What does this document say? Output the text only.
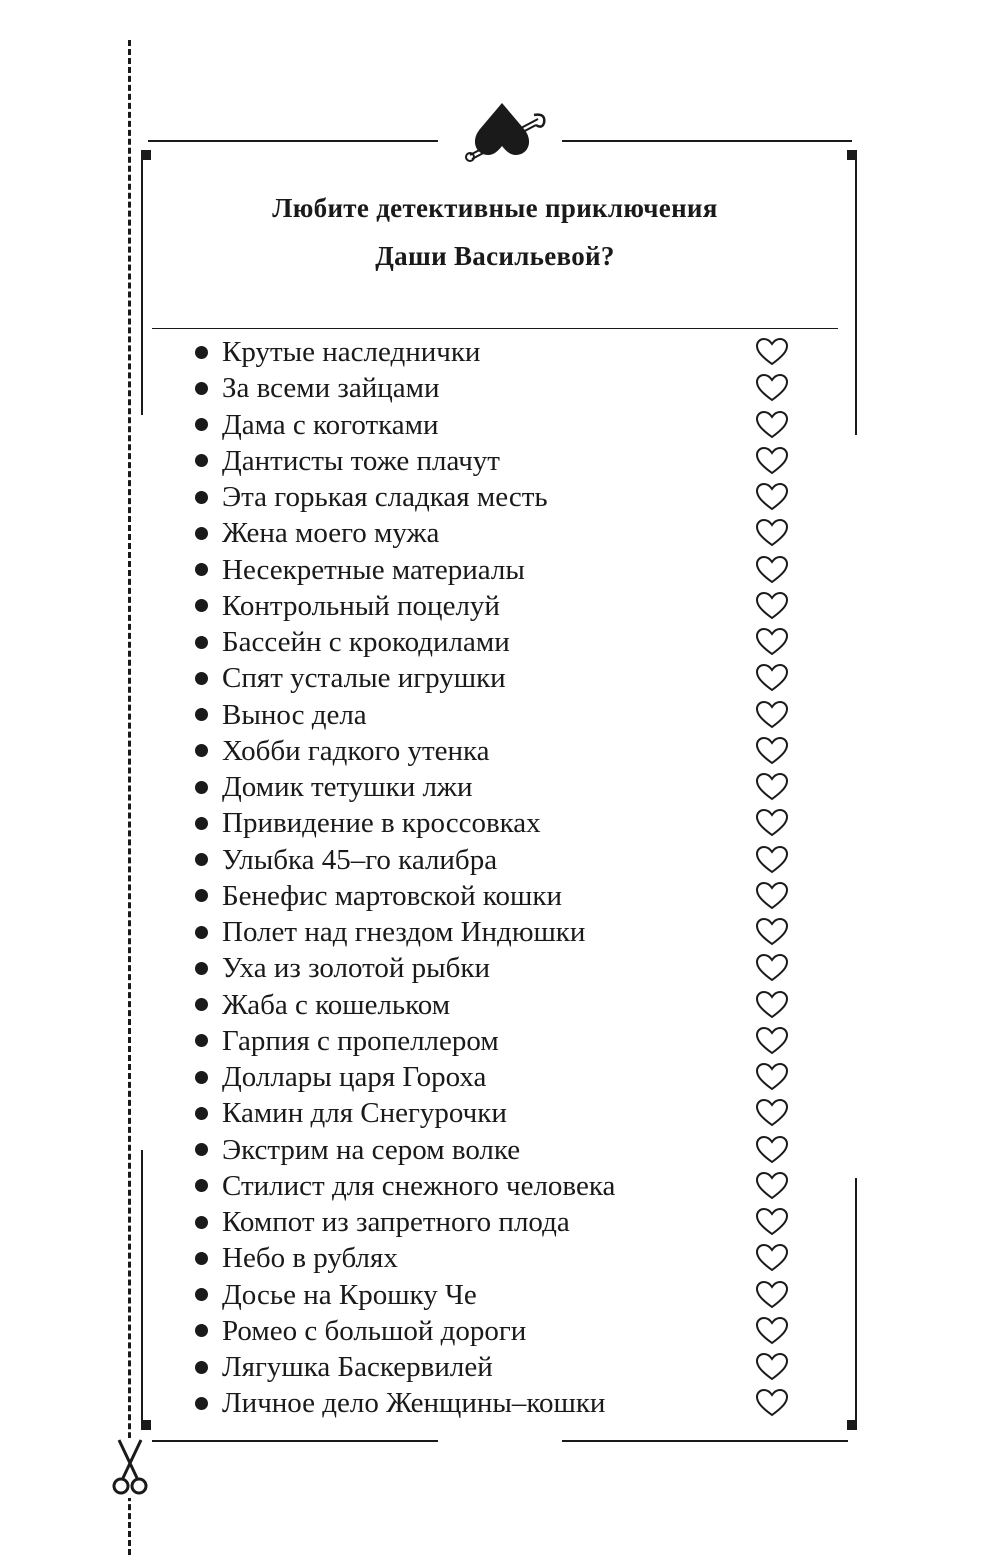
Любите детективные приключения
Даши Васильевой?
Крутые наследнички
За всеми зайцами
Дама с коготками
Дантисты тоже плачут
Эта горькая сладкая месть
Жена моего мужа
Несекретные материалы
Контрольный поцелуй
Бассейн с крокодилами
Спят усталые игрушки
Вынос дела
Хобби гадкого утенка
Домик тетушки лжи
Привидение в кроссовках
Улыбка 45–го калибра
Бенефис мартовской кошки
Полет над гнездом Индюшки
Уха из золотой рыбки
Жаба с кошельком
Гарпия с пропеллером
Доллары царя Гороха
Камин для Снегурочки
Экстрим на сером волке
Стилист для снежного человека
Компот из запретного плода
Небо в рублях
Досье на Крошку Че
Ромео с большой дороги
Лягушка Баскервилей
Личное дело Женщины–кошки
